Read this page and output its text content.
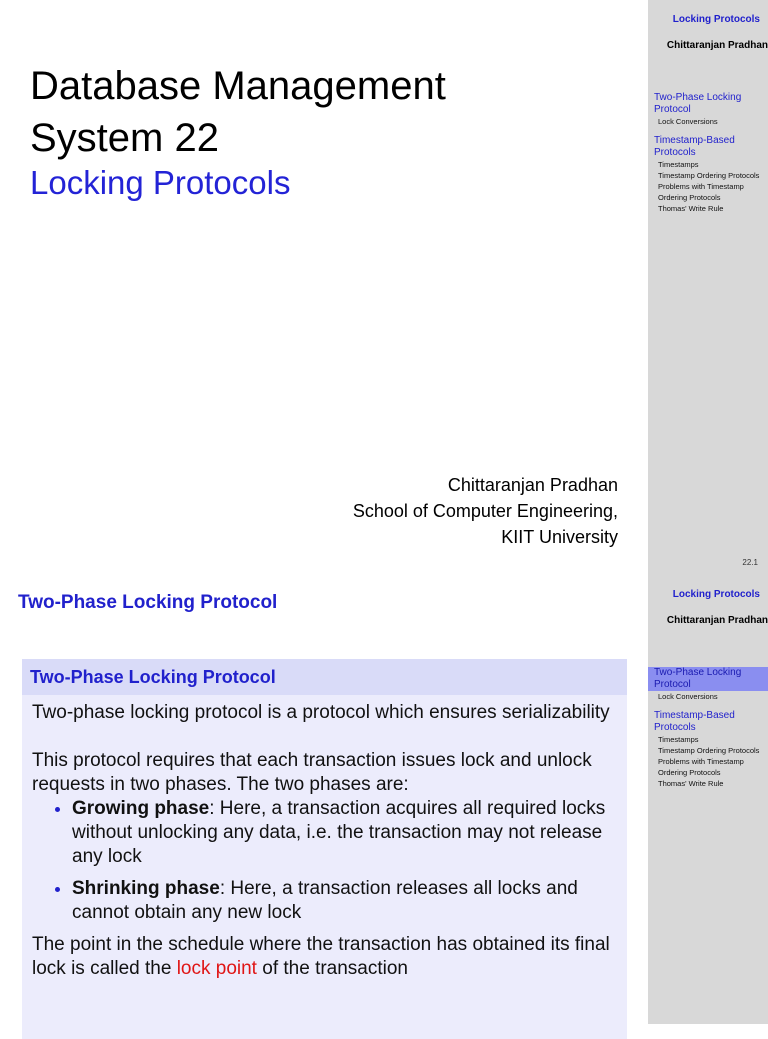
Locking Protocols
Chittaranjan Pradhan
Two-Phase Locking Protocol
Lock Conversions
Timestamp-Based Protocols
Timestamps
Timestamp Ordering Protocols
Problems with Timestamp Ordering Protocols
Thomas' Write Rule
22.1
Database Management
System 22
Locking Protocols
Chittaranjan Pradhan
School of Computer Engineering,
KIIT University
Locking Protocols
Chittaranjan Pradhan
Two-Phase Locking Protocol
Lock Conversions
Timestamp-Based Protocols
Timestamps
Timestamp Ordering Protocols
Problems with Timestamp Ordering Protocols
Thomas' Write Rule
Two-Phase Locking Protocol
Two-Phase Locking Protocol

Two-phase locking protocol is a protocol which ensures serializability

This protocol requires that each transaction issues lock and unlock requests in two phases. The two phases are:

• Growing phase: Here, a transaction acquires all required locks without unlocking any data, i.e. the transaction may not release any lock
• Shrinking phase: Here, a transaction releases all locks and cannot obtain any new lock
The point in the schedule where the transaction has obtained its final lock is called the lock point of the transaction
